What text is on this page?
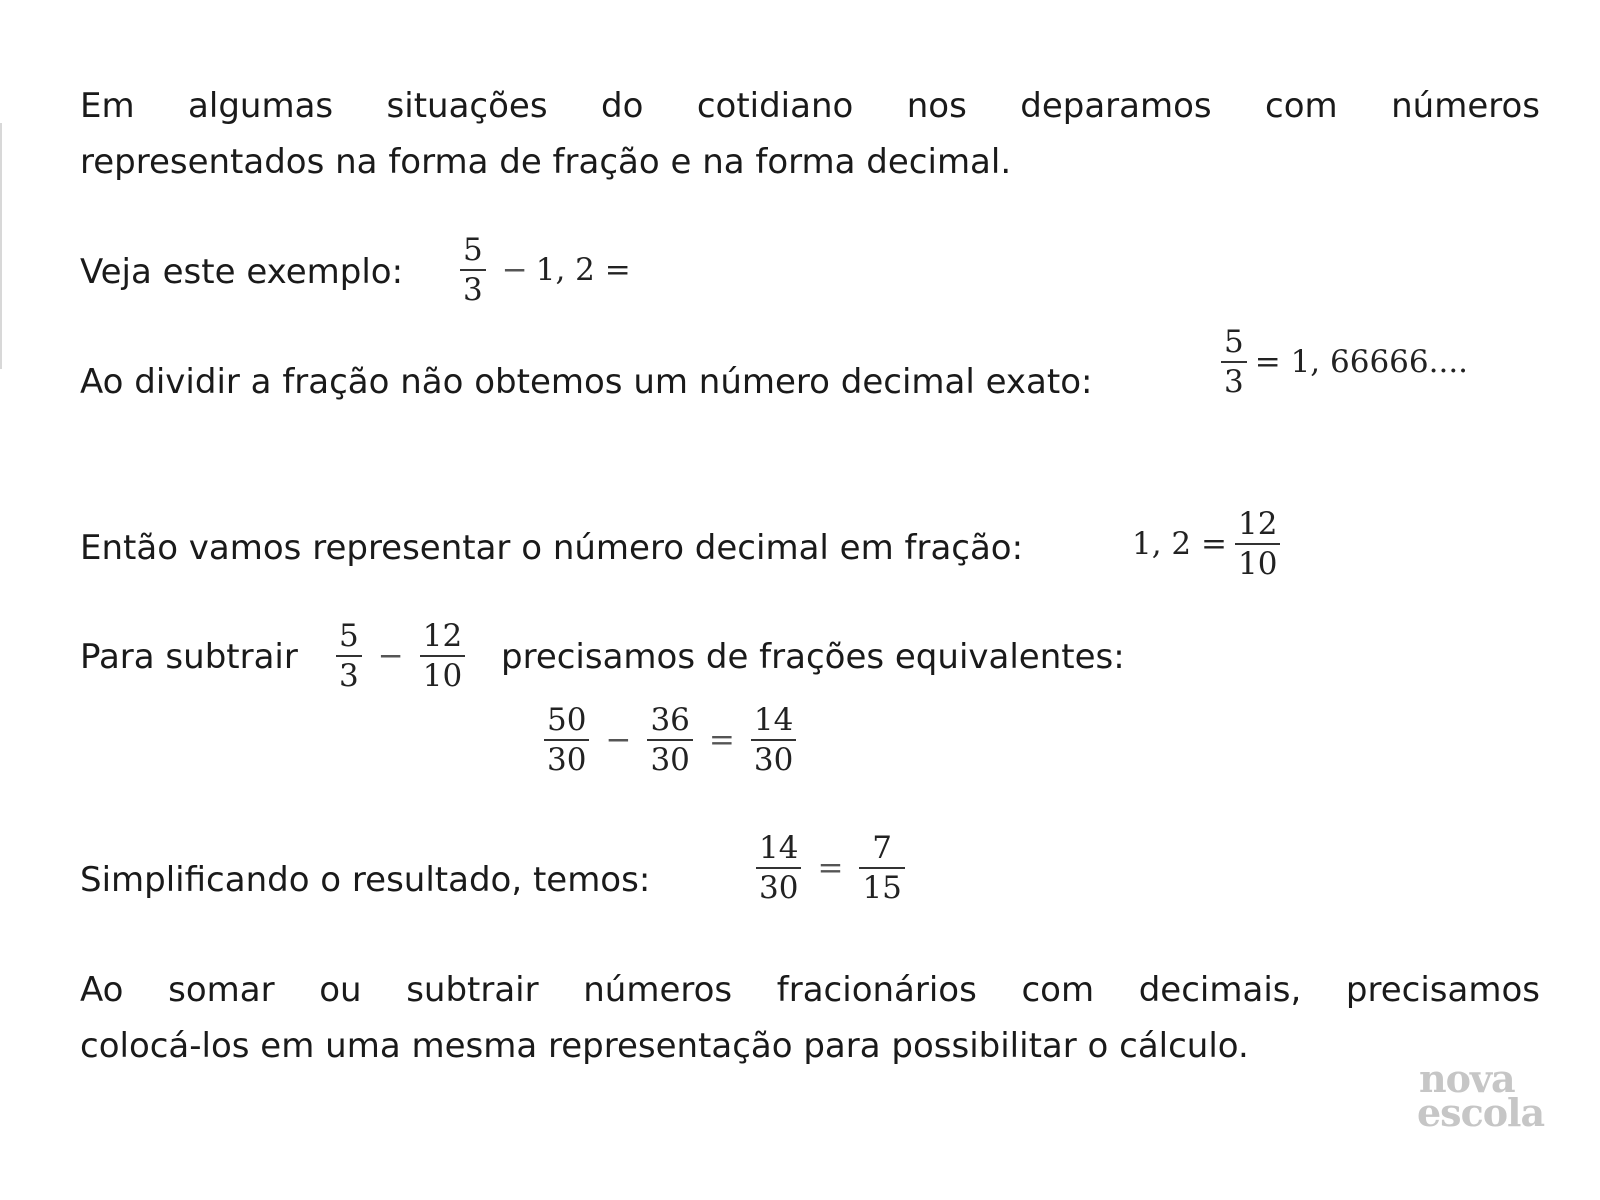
Em algumas situações do cotidiano nos deparamos com números
representados na forma de fração e na forma decimal.
Veja este exemplo: $\frac{5}{3} - 1$, 2 =
Ao dividir a fração não obtemos um número decimal exato:	$\frac{5}{3} = 1$, 66666....
Então vamos representar o número decimal em fração:	1, $2 = \frac{12}{10}$
Para subtrair $\frac{5}{3} - \frac{12}{10}$ precisamos de frações equivalentes:
$\frac{50}{30} - \frac{36}{30} = \frac{14}{30}$
Simplificando o resultado, temos:	$\frac{14}{30} = \frac{7}{15}$
Ao somar ou subtrair números fracionários com decimais, precisamos
colocá-los em uma mesma representação para possibilitar o cálculo.
nova
escola
